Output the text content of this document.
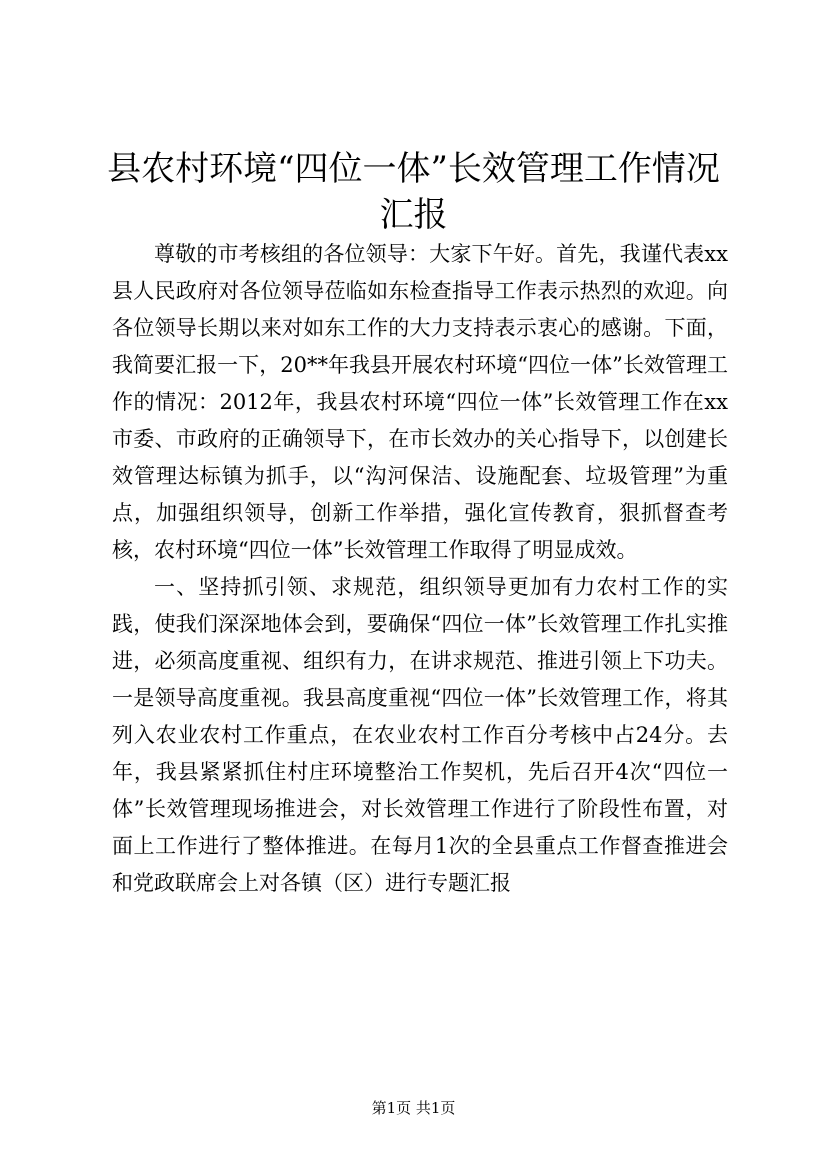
县农村环境“四位一体”长效管理工作情况汇报

尊敬的市考核组的各位领导：大家下午好。首先，我谨代表xx县人民政府对各位领导莅临如东检查指导工作表示热烈的欢迎。向各位领导长期以来对如东工作的大力支持表示衷心的感谢。下面，我简要汇报一下，20**年我县开展农村环境“四位一体”长效管理工作的情况：2012年，我县农村环境“四位一体”长效管理工作在xx市委、市政府的正确领导下，在市长效办的关心指导下，以创建长效管理达标镇为抓手，以“沟河保洁、设施配套、垃圾管理”为重点，加强组织领导，创新工作举措，强化宣传教育，狠抓督查考核，农村环境“四位一体”长效管理工作取得了明显成效。

一、坚持抓引领、求规范，组织领导更加有力农村工作的实践，使我们深深地体会到，要确保“四位一体”长效管理工作扎实推进，必须高度重视、组织有力，在讲求规范、推进引领上下功夫。一是领导高度重视。我县高度重视“四位一体”长效管理工作，将其列入农业农村工作重点，在农业农村工作百分考核中占24分。去年，我县紧紧抓住村庄环境整治工作契机，先后召开4次“四位一体”长效管理现场推进会，对长效管理工作进行了阶段性布置，对面上工作进行了整体推进。在每月1次的全县重点工作督查推进会和党政联席会上对各镇（区）进行专题汇报

第1页 共1页
